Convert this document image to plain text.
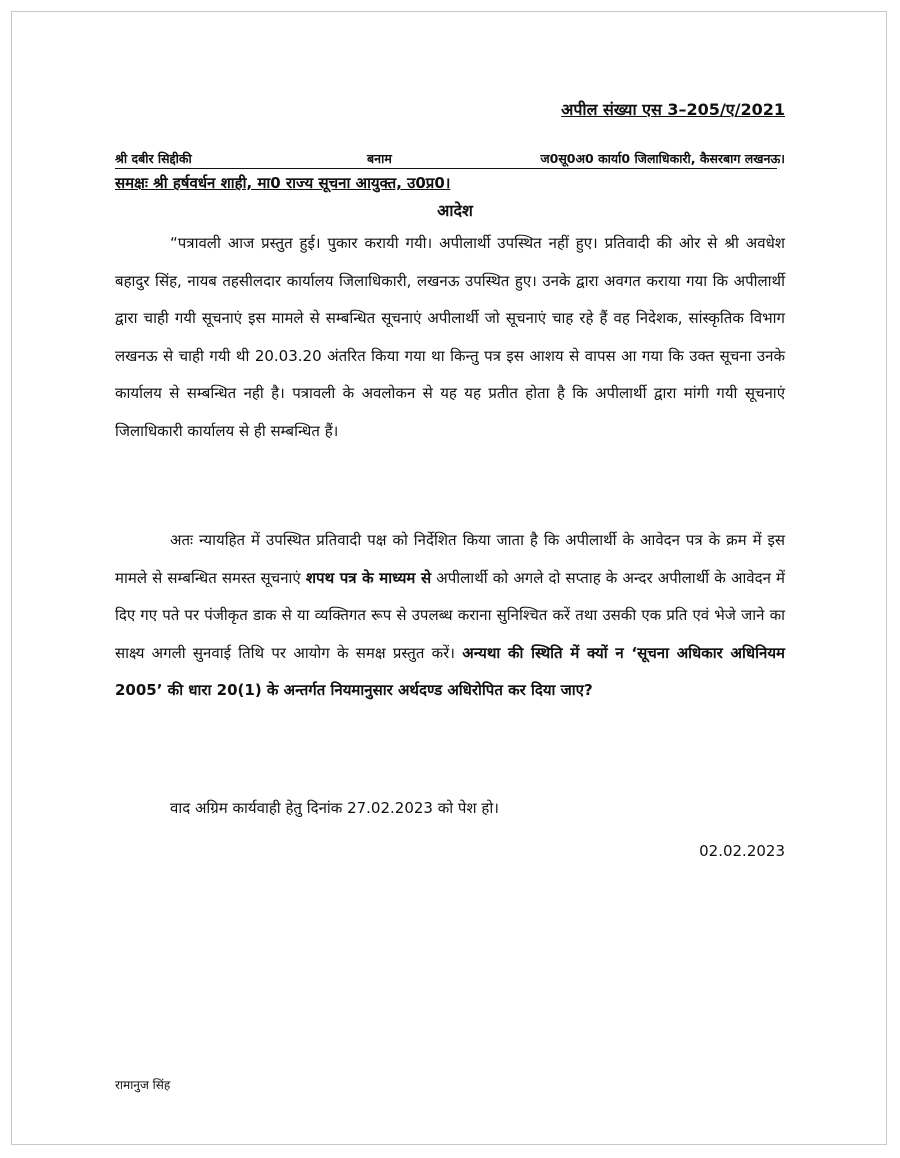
अपील संख्या एस 3–205/ए/2021
श्री दबीर सिद्दीकी	बनाम	ज0सू0अ0 कार्या0 जिलाधिकारी, कैसरबाग लखनऊ।
समक्षः श्री हर्षवर्धन शाही, मा0 राज्य सूचना आयुक्त, उ0प्र0।
आदेश
“पत्रावली आज प्रस्तुत हुई। पुकार करायी गयी। अपीलार्थी उपस्थित नहीं हुए। प्रतिवादी की ओर से श्री अवधेश बहादुर सिंह, नायब तहसीलदार कार्यालय जिलाधिकारी, लखनऊ उपस्थित हुए। उनके द्वारा अवगत कराया गया कि अपीलार्थी द्वारा चाही गयी सूचनाएं इस मामले से सम्बन्धित सूचनाएं अपीलार्थी जो सूचनाएं चाह रहे हैं वह निदेशक, सांस्कृतिक विभाग लखनऊ से चाही गयी थी 20.03.20 अंतरित किया गया था किन्तु पत्र इस आशय से वापस आ गया कि उक्त सूचना उनके कार्यालय से सम्बन्धित नही है। पत्रावली के अवलोकन से यह यह प्रतीत होता है कि अपीलार्थी द्वारा मांगी गयी सूचनाएं जिलाधिकारी कार्यालय से ही सम्बन्धित हैं।
अतः न्यायहित में उपस्थित प्रतिवादी पक्ष को निर्देशित किया जाता है कि अपीलार्थी के आवेदन पत्र के क्रम में इस मामले से सम्बन्धित समस्त सूचनाएं शपथ पत्र के माध्यम से अपीलार्थी को अगले दो सप्ताह के अन्दर अपीलार्थी के आवेदन में दिए गए पते पर पंजीकृत डाक से या व्यक्तिगत रूप से उपलब्ध कराना सुनिश्चित करें तथा उसकी एक प्रति एवं भेजे जाने का साक्ष्य अगली सुनवाई तिथि पर आयोग के समक्ष प्रस्तुत करें। अन्यथा की स्थिति में क्यों न ‘सूचना अधिकार अधिनियम 2005’ की धारा 20(1) के अन्तर्गत नियमानुसार अर्थदण्ड अधिरोपित कर दिया जाए?
वाद अग्रिम कार्यवाही हेतु दिनांक 27.02.2023 को पेश हो।
02.02.2023
रामानुज सिंह
